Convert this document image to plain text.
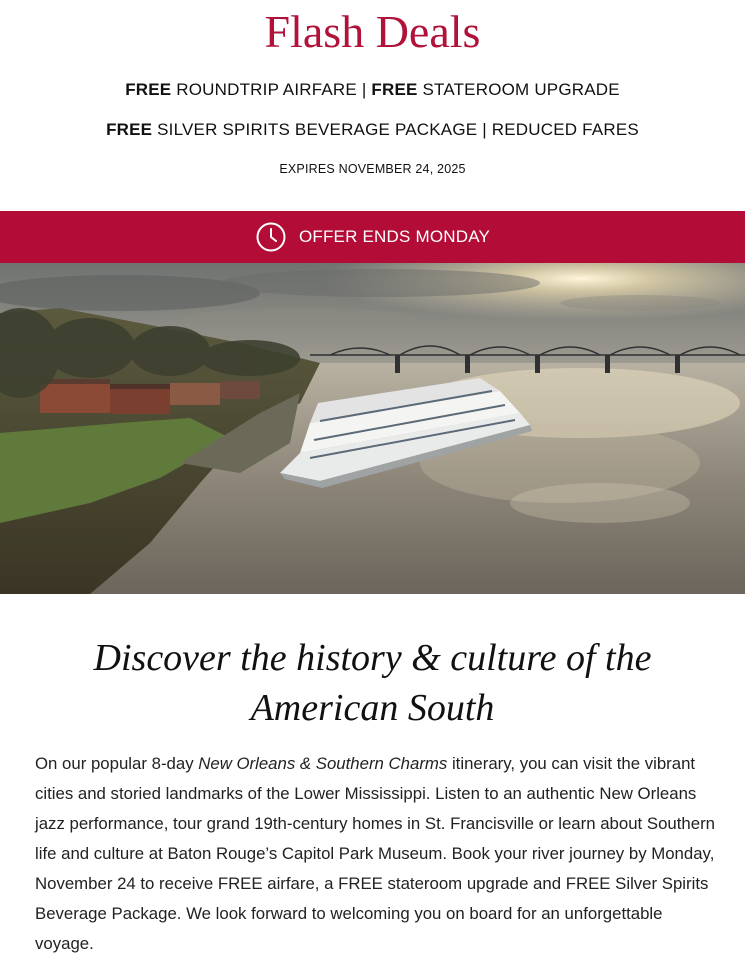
Flash Deals
FREE ROUNDTRIP AIRFARE | FREE STATEROOM UPGRADE
FREE SILVER SPIRITS BEVERAGE PACKAGE | REDUCED FARES
EXPIRES NOVEMBER 24, 2025
OFFER ENDS MONDAY
Discover the history & culture of the
American South
On our popular 8-day New Orleans & Southern Charms itinerary, you can visit the vibrant cities and storied landmarks of the Lower Mississippi. Listen to an authentic New Orleans jazz performance, tour grand 19th-century homes in St. Francisville or learn about Southern life and culture at Baton Rouge’s Capitol Park Museum. Book your river journey by Monday, November 24 to receive FREE airfare, a FREE stateroom upgrade and FREE Silver Spirits Beverage Package. We look forward to welcoming you on board for an unforgettable voyage.
